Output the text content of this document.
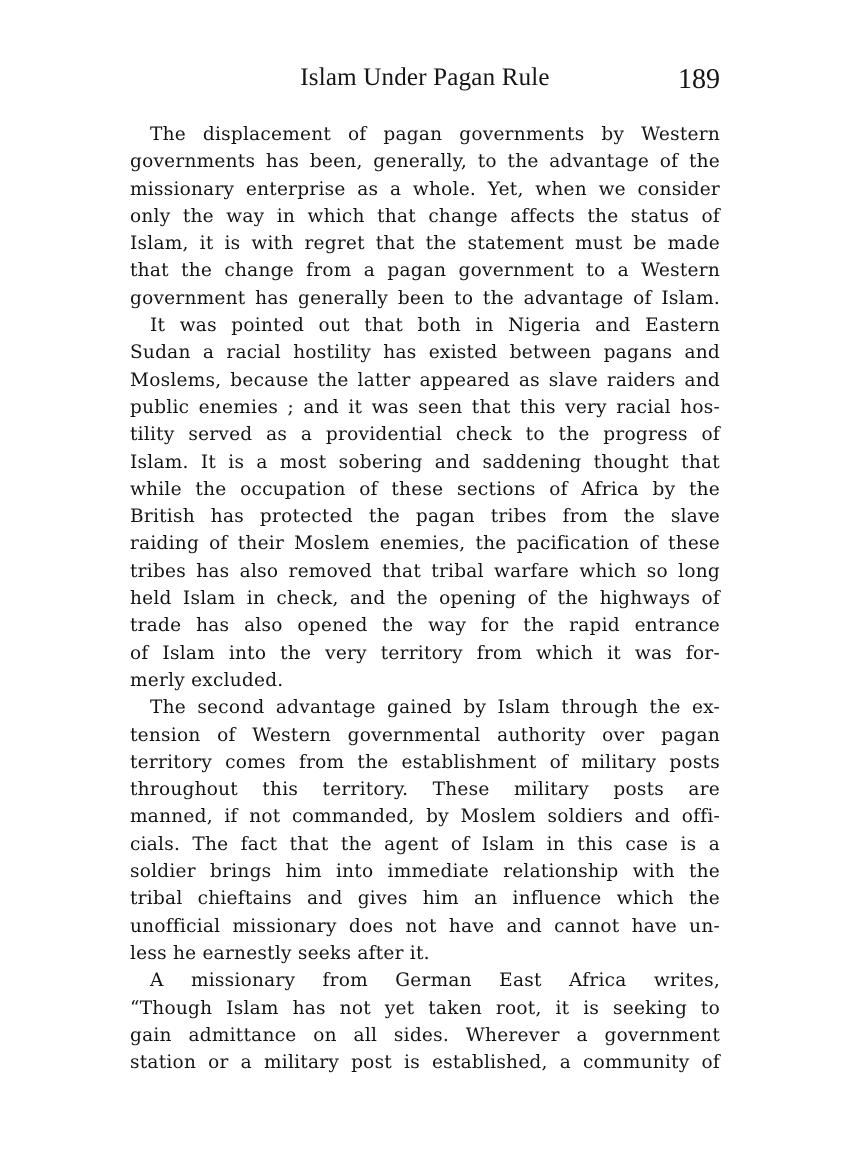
Islam Under Pagan Rule	189
The displacement of pagan governments by Western
governments has been, generally, to the advantage of the
missionary enterprise as a whole. Yet, when we consider
only the way in which that change affects the status of
Islam, it is with regret that the statement must be made
that the change from a pagan government to a Western
government has generally been to the advantage of Islam.
It was pointed out that both in Nigeria and Eastern
Sudan a racial hostility has existed between pagans and
Moslems, because the latter appeared as slave raiders and
public enemies ; and it was seen that this very racial hos-
tility served as a providential check to the progress of
Islam. It is a most sobering and saddening thought that
while the occupation of these sections of Africa by the
British has protected the pagan tribes from the slave
raiding of their Moslem enemies, the pacification of these
tribes has also removed that tribal warfare which so long
held Islam in check, and the opening of the highways of
trade has also opened the way for the rapid entrance
of Islam into the very territory from which it was for-
merly excluded.
The second advantage gained by Islam through the ex-
tension of Western governmental authority over pagan
territory comes from the establishment of military posts
throughout this territory. These military posts are
manned, if not commanded, by Moslem soldiers and offi-
cials. The fact that the agent of Islam in this case is a
soldier brings him into immediate relationship with the
tribal chieftains and gives him an influence which the
unofficial missionary does not have and cannot have un-
less he earnestly seeks after it.
A missionary from German East Africa writes,
“Though Islam has not yet taken root, it is seeking to
gain admittance on all sides. Wherever a government
station or a military post is established, a community of
